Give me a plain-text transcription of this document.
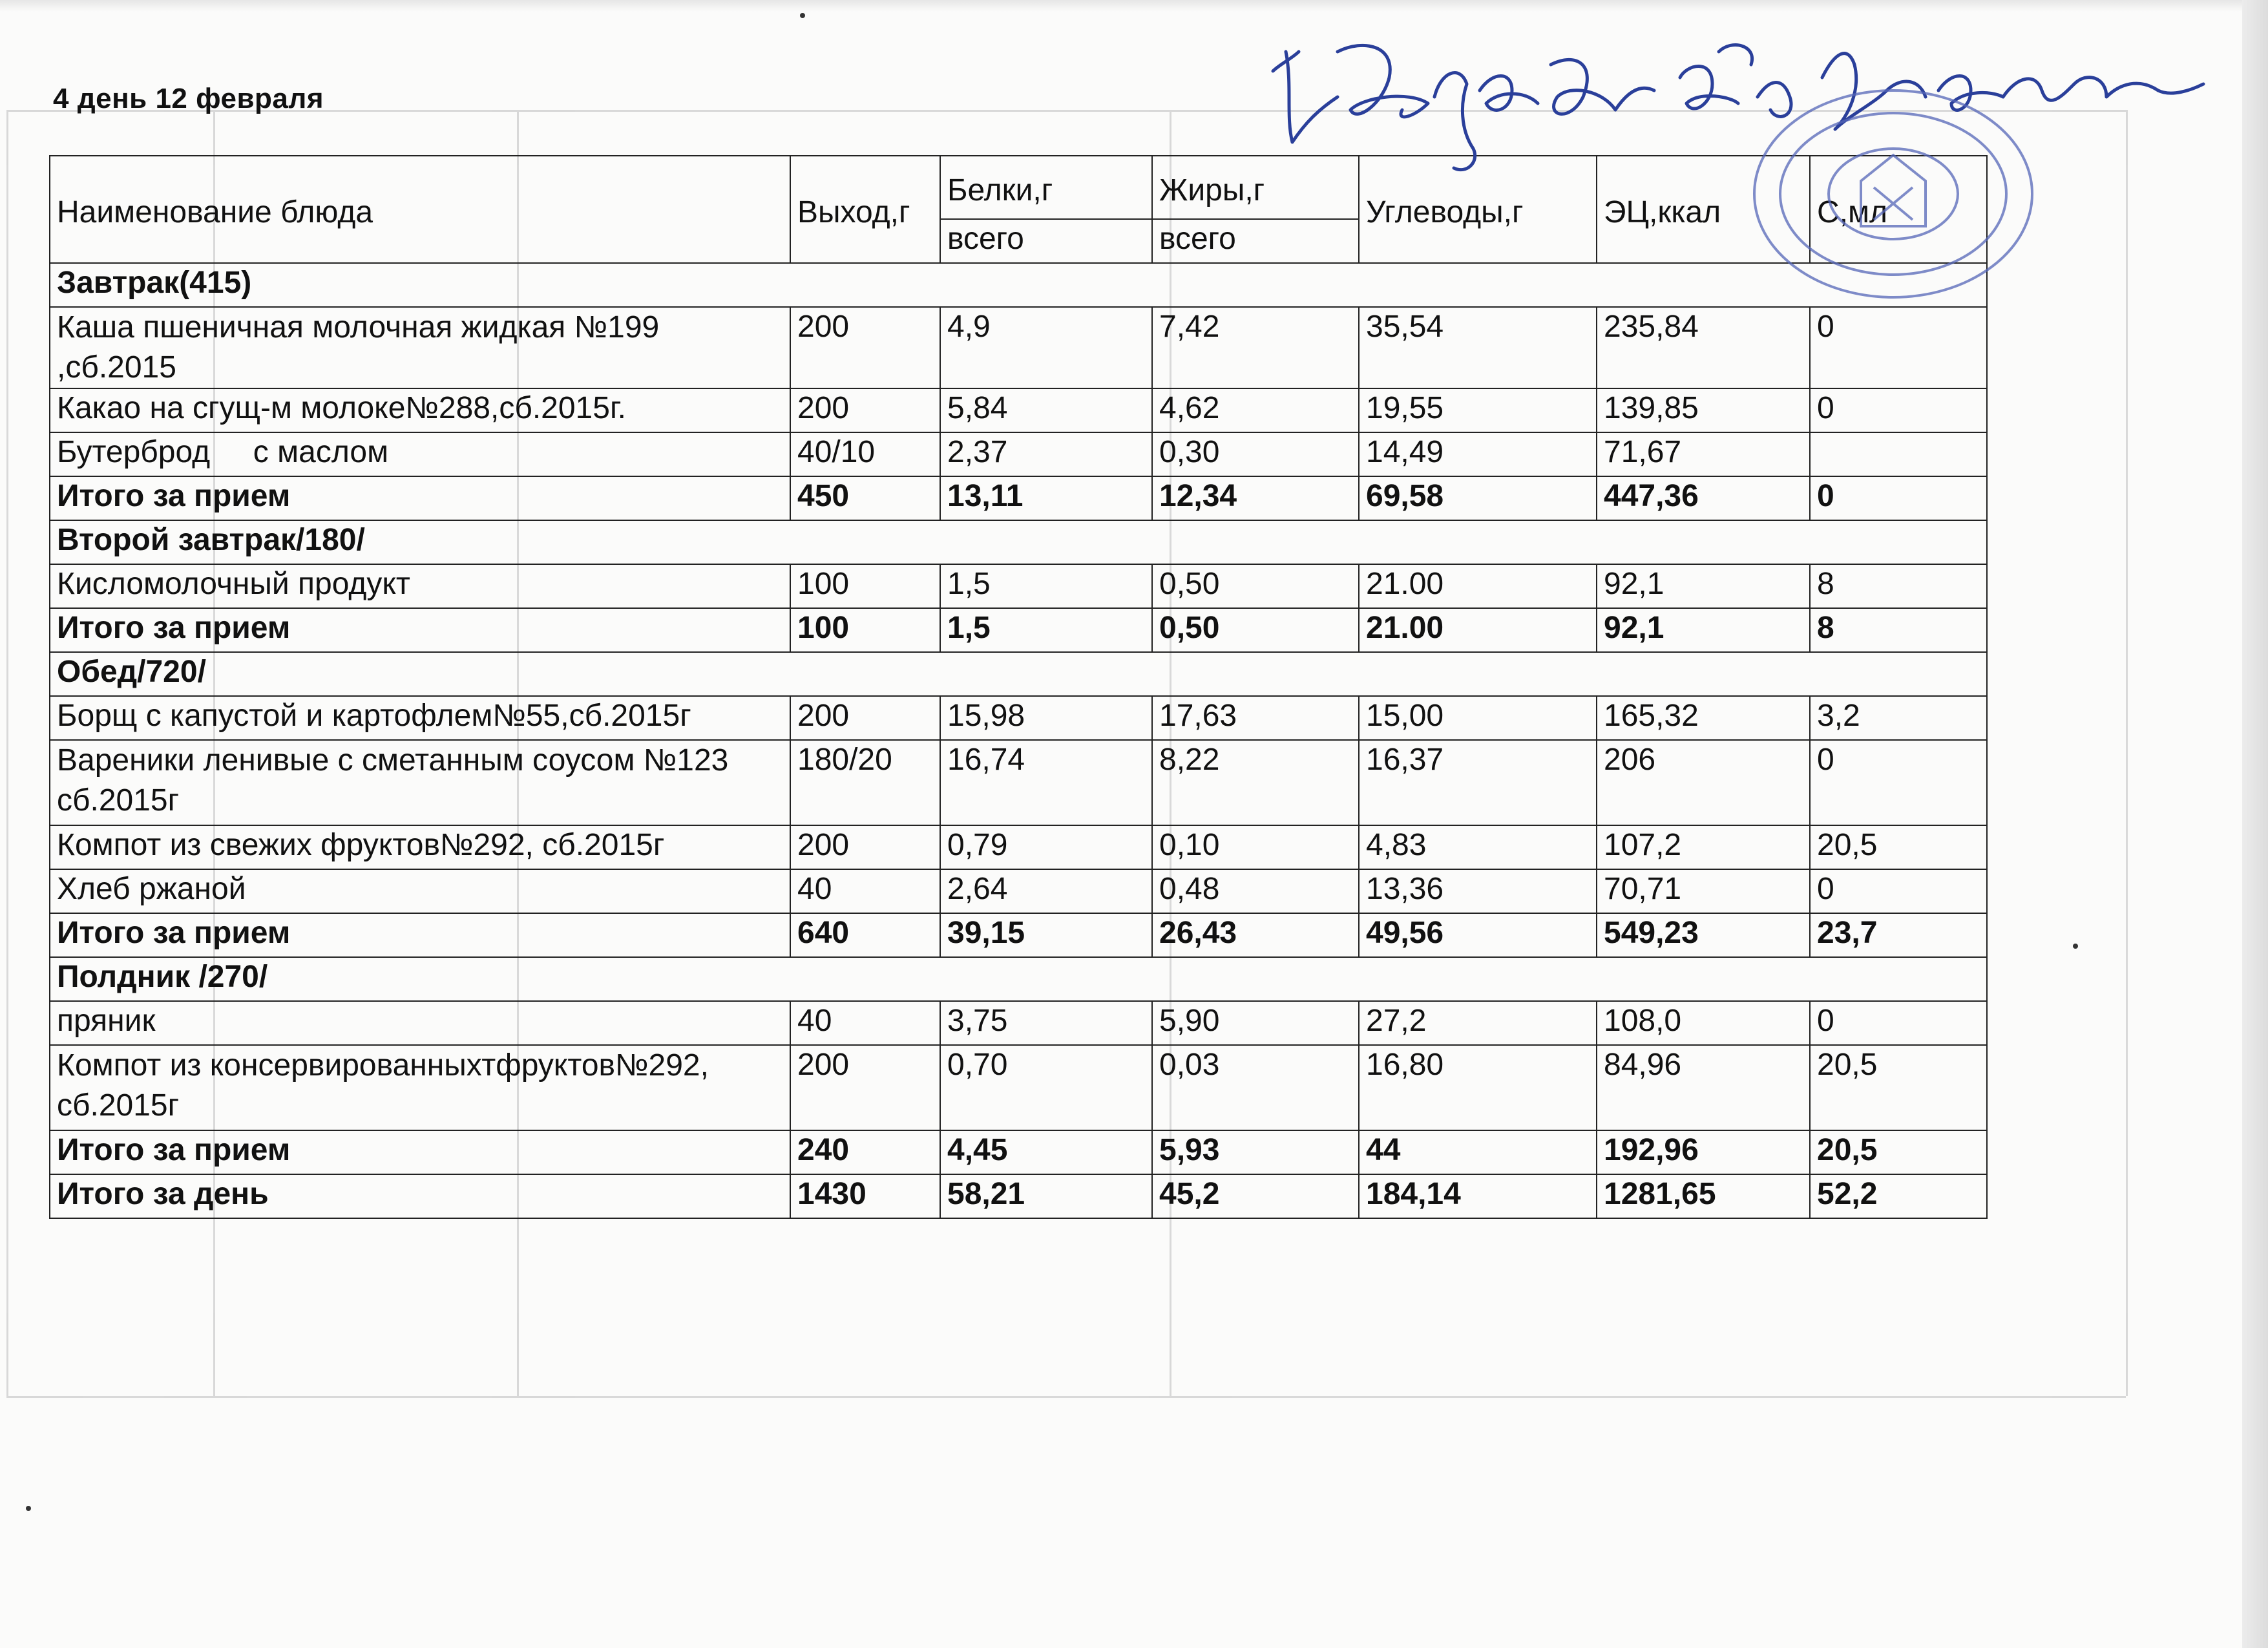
4 день 12 февраля
Наименование блюда	Выход,г	Белки,г	Жиры,г	Углеводы,г	ЭЦ,ккал	С,мл
		всего	всего			
Завтрак(415)						
Каша пшеничная молочная жидкая №199 ,сб.2015	200	4,9	7,42	35,54	235,84	0
Какао на сгущ-м молоке№288,сб.2015г.	200	5,84	4,62	19,55	139,85	0
Бутерброд     с маслом	40/10	2,37	0,30	14,49	71,67	
Итого за прием	450	13,11	12,34	69,58	447,36	0
Второй завтрак/180/						
Кисломолочный продукт	100	1,5	0,50	21.00	92,1	8
Итого за прием	100	1,5	0,50	21.00	92,1	8
Обед/720/						
Борщ с капустой и картофлем№55,сб.2015г	200	15,98	17,63	15,00	165,32	3,2
Вареники ленивые с сметанным соусом №123 сб.2015г	180/20	16,74	8,22	16,37	206	0
Компот из свежих фруктов№292, сб.2015г	200	0,79	0,10	4,83	107,2	20,5
Хлеб ржаной	40	2,64	0,48	13,36	70,71	0
Итого за прием	640	39,15	26,43	49,56	549,23	23,7
Полдник /270/						
пряник	40	3,75	5,90	27,2	108,0	0
Компот из консервированныхтфруктов№292, сб.2015г	200	0,70	0,03	16,80	84,96	20,5
Итого за прием	240	4,45	5,93	44	192,96	20,5
Итого за день	1430	58,21	45,2	184,14	1281,65	52,2
